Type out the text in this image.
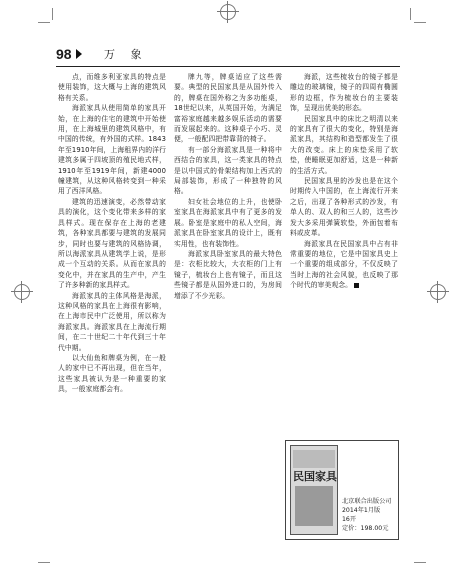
98	万 象

点，而维多利亚家具的特点是使用装饰，这大概与上海的建筑风格有关系。

海派家具从使用简单的家具开始，在上海的住宅的建筑中开始使用，在上海城里的建筑风格中，有中国的传统，有外国的式样。1843年至1910年间，上海租界内的洋行建筑多属于四坡顶的殖民地式样，1910年至1919年间，新建4000幢建筑，从这种风格转变到一种采用了西洋风格。

建筑的迅速演变，必然带动家具的演化，这个变化带来多样的家具样式。现在保存在上海的老建筑，各种家具都要与建筑的发展同步，同时也要与建筑的风格协调，所以海派家具从建筑学上说，是形成一个互动的关系。从而在家具的变化中，并在家具的生产中，产生了许多种新的家具样式。

海派家具的主体风格是海派，这种风格的家具在上海很有影响，在上海市民中广泛使用，所以称为海派家具。海派家具在上海流行期间，在二十世纪二十年代到三十年代中期。

以大仙鱼和牌桌为例，在一般人的家中已不再出现，但在当年，这些家具被认为是一种重要的家具，一般家庭都会有。

牌九等，牌桌适应了这些需要。典型的民国家具是从国外传入的，牌桌在国外称之为多功能桌，18世纪以来，从英国开始，为满足富裕家庭越来越多娱乐活动的需要而发展起来的。这种桌子小巧、灵便，一般配四把带靠背的椅子。

有一部分海派家具是一种将中西结合的家具，这一类家具的特点是以中国式的骨架结构加上西式的局部装饰，形成了一种独特的风格。

妇女社会地位的上升，也使卧室家具在海派家具中有了更多的发展。卧室是家庭中的私人空间，海派家具在卧室家具的设计上，既有实用性，也有装饰性。

海派家具卧室家具的最大特色是：衣柜比较大，大衣柜的门上有镜子，梳妆台上也有镜子，而且这些镜子都是从国外进口的，为房间增添了不少光彩。

海派，这些梳妆台的镜子都是雕边的玻璃镜，镜子的四周有椭圆形的边框，作为梳妆台的主要装饰，呈现出优美的形态。

民国家具中的床比之明清以来的家具有了很大的变化，特别是海派家具，其结构和造型都发生了很大的改变。床上的床垫采用了软垫，使睡眠更加舒适，这是一种新的生活方式。

民国家具里的沙发也是在这个时期传入中国的，在上海流行开来之后，出现了各种形式的沙发，有单人的、双人的和三人的，这些沙发大多采用弹簧软垫，外面包着布料或皮革。

海派家具在民国家具中占有非常重要的地位，它是中国家具史上一个重要的组成部分，不仅反映了当时上海的社会风貌，也反映了那个时代的审美观念。

民国家具
北京联合出版公司
2014年1月版
16开
定价：198.00元
